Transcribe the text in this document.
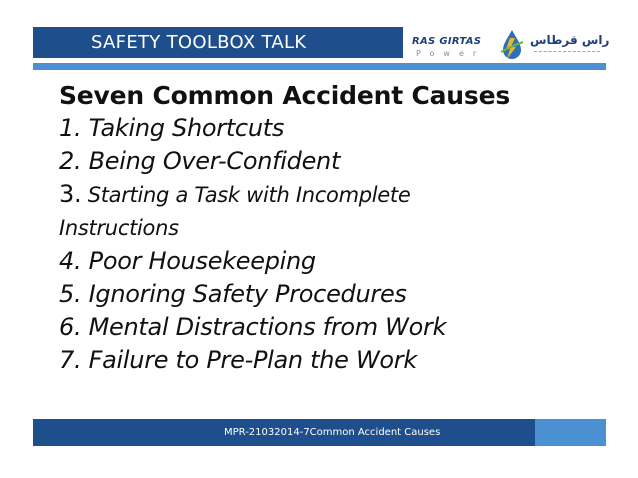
SAFETY TOOLBOX TALK	RAS GIRTAS
Power
راس قرطاس
Seven Common Accident Causes
1. Taking Shortcuts
2. Being Over-Confident
3. Starting a Task with Incomplete
Instructions
4. Poor Housekeeping
5. Ignoring Safety Procedures
6. Mental Distractions from Work
7. Failure to Pre-Plan the Work
MPR-21032014-7Common Accident Causes
